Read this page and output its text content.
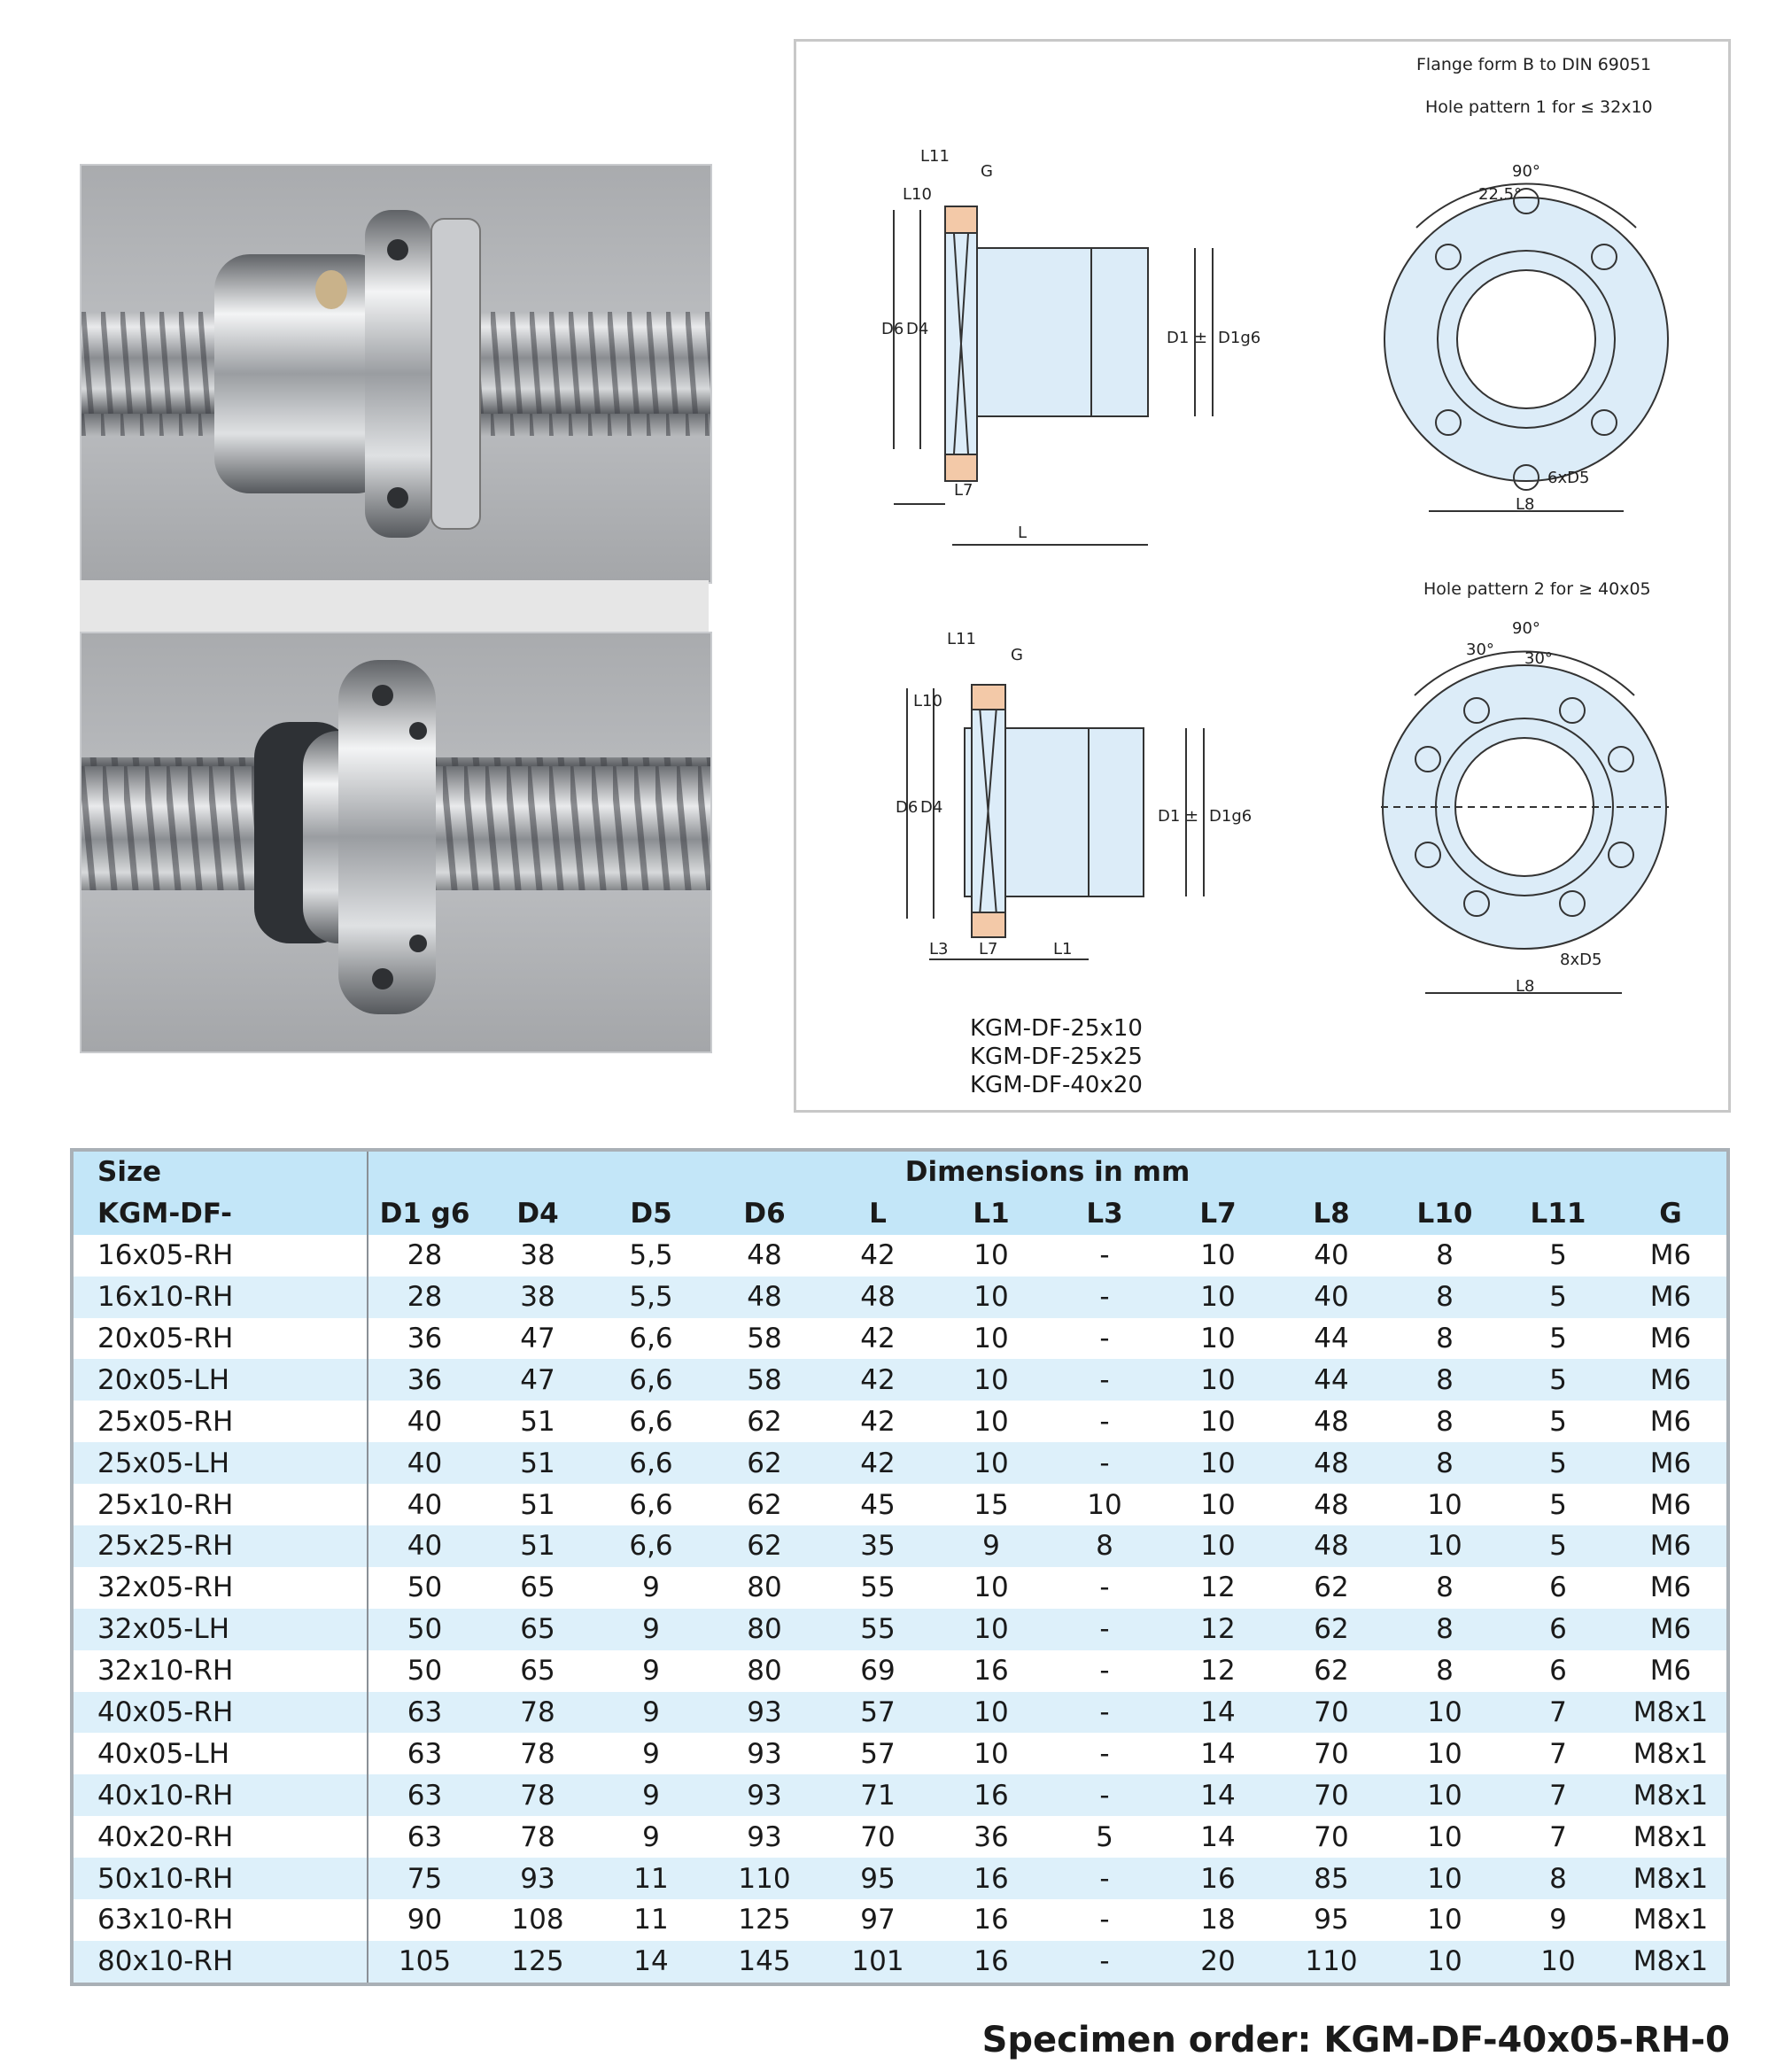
Flange form B to DIN 69051
Hole pattern 1 for ≤ 32x10
Hole pattern 2 for ≥ 40x05
L11
G
L10
D6 D4	D1 ± D1g6
L7
L
L8
90°
22.5°
6xD5
L11
G
L10
D6 D4	D1 ± D1g6
L3 L7	L1
L8
90°
30° 30°
8xD5
KGM-DF-25x10
KGM-DF-25x25
KGM-DF-40x20
Size	Dimensions in mm											
KGM-DF-	D1 g6	D4	D5	D6	L	L1	L3	L7	L8	L10	L11	G
16x05-RH	28	38	5,5	48	42	10	-	10	40	8	5	M6
16x10-RH	28	38	5,5	48	48	10	-	10	40	8	5	M6
20x05-RH	36	47	6,6	58	42	10	-	10	44	8	5	M6
20x05-LH	36	47	6,6	58	42	10	-	10	44	8	5	M6
25x05-RH	40	51	6,6	62	42	10	-	10	48	8	5	M6
25x05-LH	40	51	6,6	62	42	10	-	10	48	8	5	M6
25x10-RH	40	51	6,6	62	45	15	10	10	48	10	5	M6
25x25-RH	40	51	6,6	62	35	9	8	10	48	10	5	M6
32x05-RH	50	65	9	80	55	10	-	12	62	8	6	M6
32x05-LH	50	65	9	80	55	10	-	12	62	8	6	M6
32x10-RH	50	65	9	80	69	16	-	12	62	8	6	M6
40x05-RH	63	78	9	93	57	10	-	14	70	10	7	M8x1
40x05-LH	63	78	9	93	57	10	-	14	70	10	7	M8x1
40x10-RH	63	78	9	93	71	16	-	14	70	10	7	M8x1
40x20-RH	63	78	9	93	70	36	5	14	70	10	7	M8x1
50x10-RH	75	93	11	110	95	16	-	16	85	10	8	M8x1
63x10-RH	90	108	11	125	97	16	-	18	95	10	9	M8x1
80x10-RH	105	125	14	145	101	16	-	20	110	10	10	M8x1
Specimen order: KGM-DF-40x05-RH-0
